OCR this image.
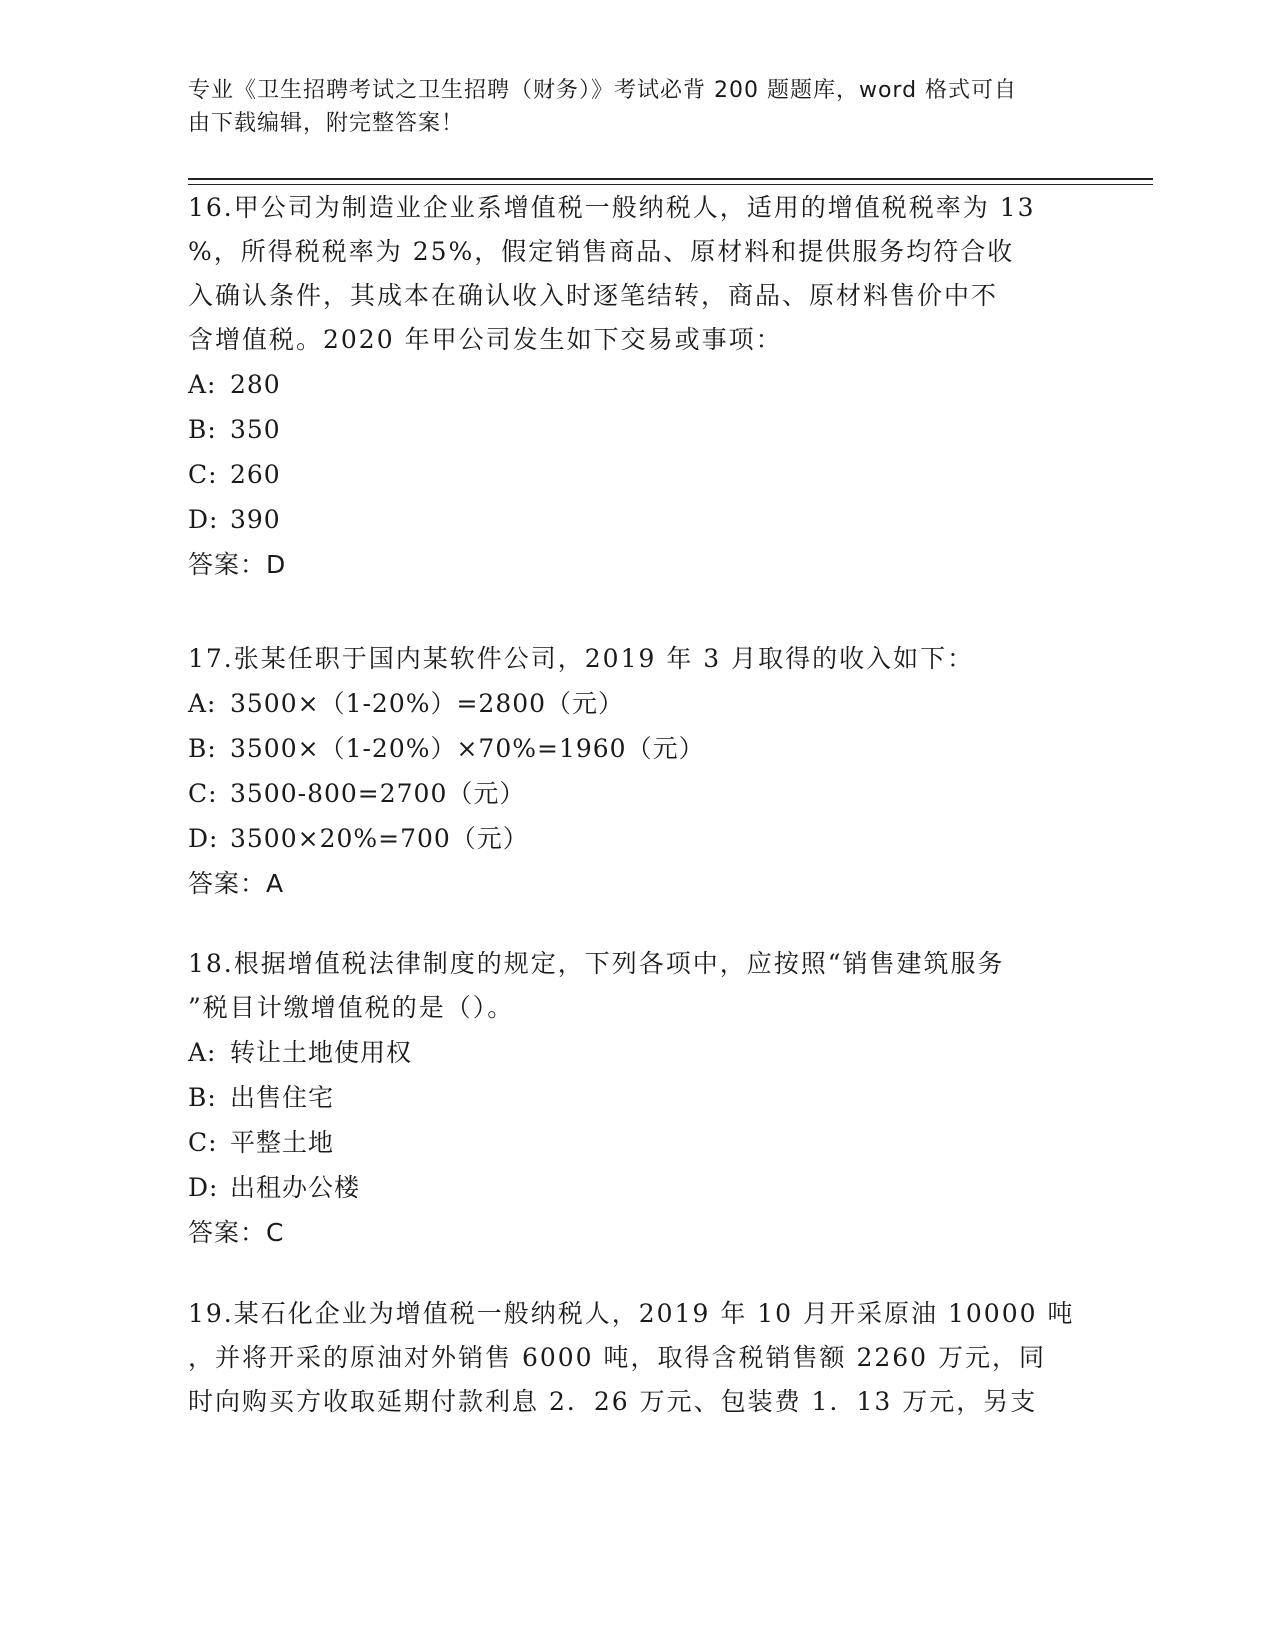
专业《卫生招聘考试之卫生招聘（财务）》考试必背 200 题题库，word 格式可自
由下载编辑，附完整答案！
16.甲公司为制造业企业系增值税一般纳税人，适用的增值税税率为 13
%，所得税税率为 25%，假定销售商品、原材料和提供服务均符合收
入确认条件，其成本在确认收入时逐笔结转，商品、原材料售价中不
含增值税。2020 年甲公司发生如下交易或事项：
A: 280
B: 350
C: 260
D: 390
答案：D
17.张某任职于国内某软件公司，2019 年 3 月取得的收入如下：
A: 3500×（1-20%）=2800（元）
B: 3500×（1-20%）×70%=1960（元）
C: 3500-800=2700（元）
D: 3500×20%=700（元）
答案：A
18.根据增值税法律制度的规定，下列各项中，应按照“销售建筑服务
”税目计缴增值税的是（）。
A: 转让土地使用权
B: 出售住宅
C: 平整土地
D: 出租办公楼
答案：C
19.某石化企业为增值税一般纳税人，2019 年 10 月开采原油 10000 吨
，并将开采的原油对外销售 6000 吨，取得含税销售额 2260 万元，同
时向购买方收取延期付款利息 2．26 万元、包装费 1．13 万元，另支
